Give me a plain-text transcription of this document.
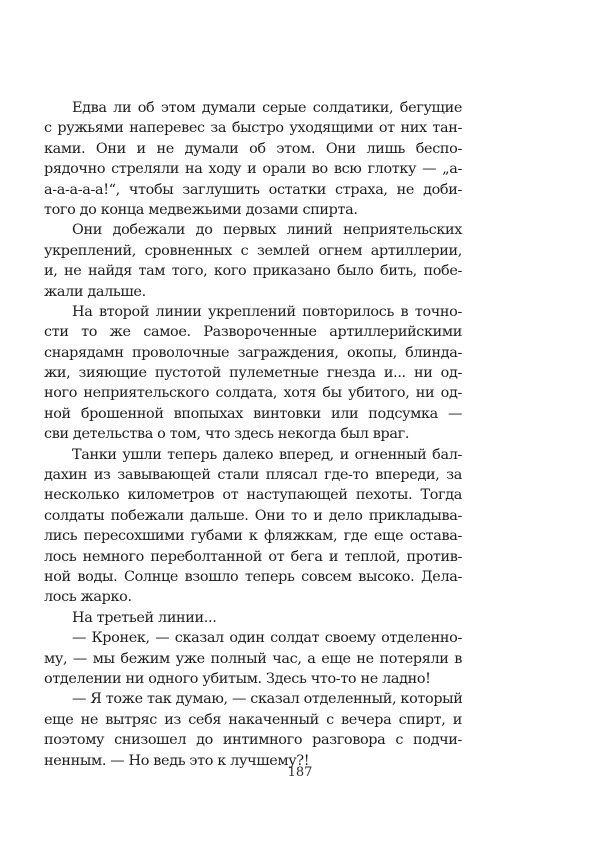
Едва ли об этом думали серые солдатики, бегущие
с ружьями наперевес за быстро уходящими от них тан-
ками. Они и не думали об этом. Они лишь беспо-
рядочно стреляли на ходу и орали во всю глотку — „а-
а-а-а-а-а!“, чтобы заглушить остатки страха, не доби-
того до конца медвежьими дозами спирта.
Они добежали до первых линий неприятельских
укреплений, сровненных с землей огнем артиллерии,
и, не найдя там того, кого приказано было бить, побе-
жали дальше.
На второй линии укреплений повторилось в точно-
сти то же самое. Развороченные артиллерийскими
снарядамн проволочные заграждения, окопы, блинда-
жи, зияющие пустотой пулеметные гнезда и... ни од-
ного неприятельского солдата, хотя бы убитого, ни од-
ной брошенной впопыхах винтовки или подсумка —
сви детельства о том, что здесь некогда был враг.
Танки ушли теперь далеко вперед, и огненный бал-
дахин из завывающей стали плясал где-то впереди, за
несколько километров от наступающей пехоты. Тогда
солдаты побежали дальше. Они то и дело прикладыва-
лись пересохшими губами к фляжкам, где еще остава-
лось немного переболтанной от бега и теплой, против-
ной воды. Солнце взошло теперь совсем высоко. Дела-
лось жарко.
На третьей линии...
— Кронек, — сказал один солдат своему отделенно-
му, — мы бежим уже полный час, а еще не потеряли в
отделении ни одного убитым. Здесь что-то не ладно!
— Я тоже так думаю, — сказал отделенный, который
еще не вытряс из себя накаченный с вечера спирт, и
поэтому снизошел до интимного разговора с подчи-
ненным. — Но ведь это к лучшему?!

187
